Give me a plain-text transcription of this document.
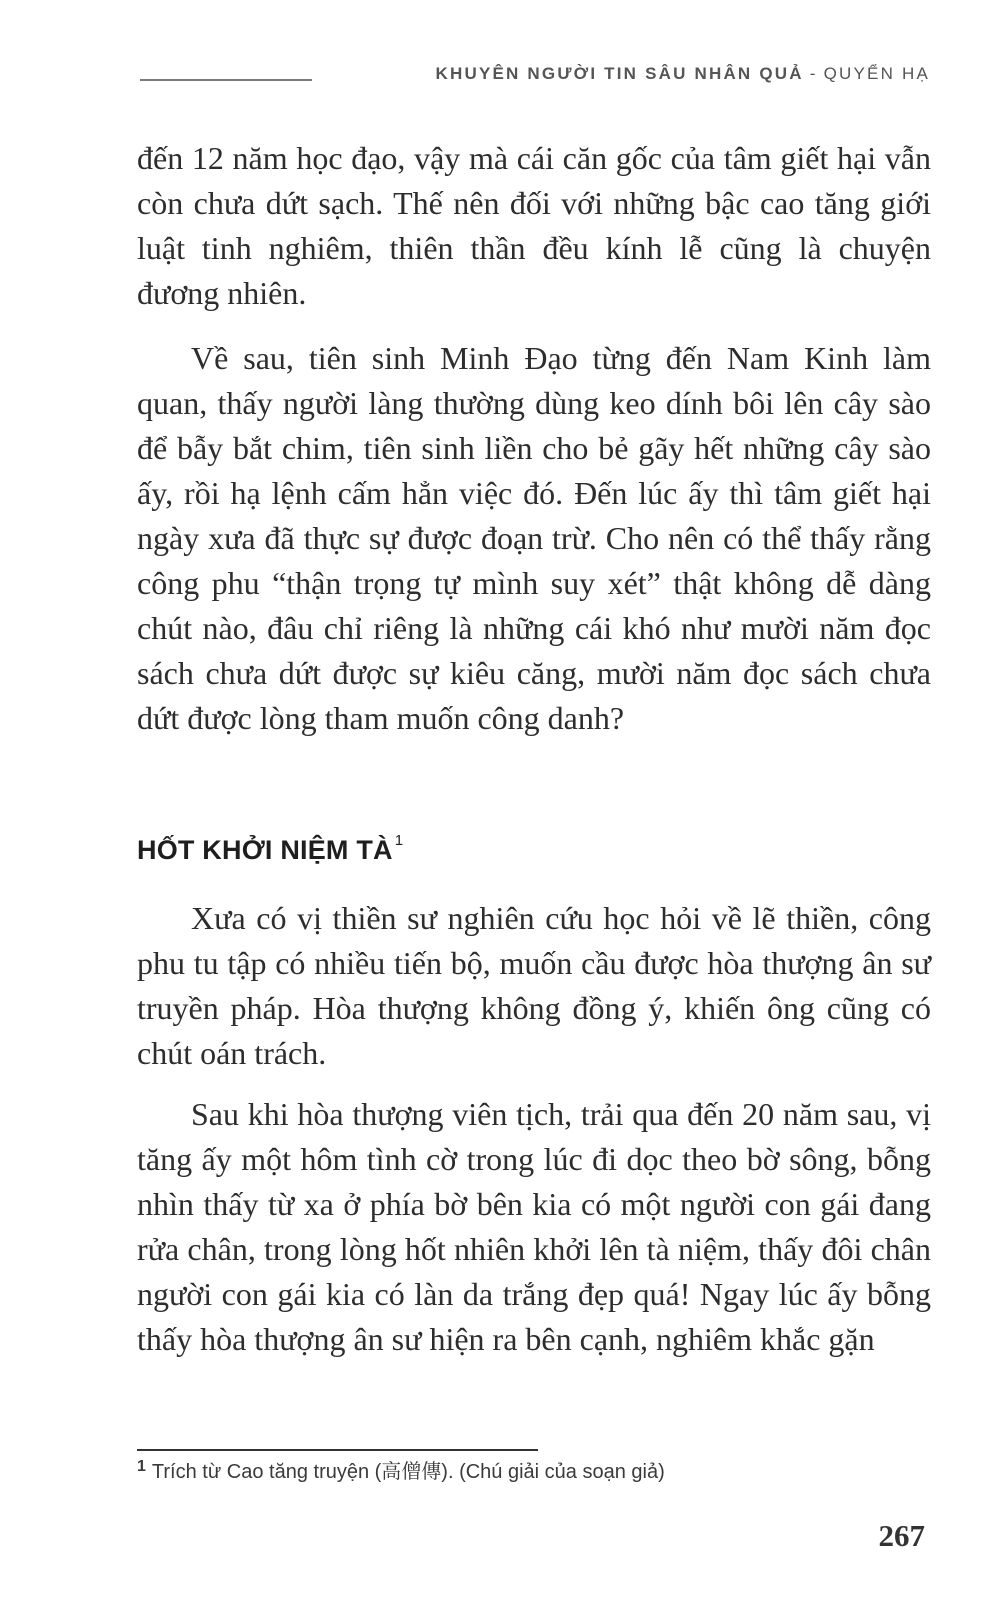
KHUYÊN NGƯỜI TIN SÂU NHÂN QUẢ - QUYỂN HẠ

đến 12 năm học đạo, vậy mà cái căn gốc của tâm giết hại vẫn còn chưa dứt sạch. Thế nên đối với những bậc cao tăng giới luật tinh nghiêm, thiên thần đều kính lễ cũng là chuyện đương nhiên.

Về sau, tiên sinh Minh Đạo từng đến Nam Kinh làm quan, thấy người làng thường dùng keo dính bôi lên cây sào để bẫy bắt chim, tiên sinh liền cho bẻ gãy hết những cây sào ấy, rồi hạ lệnh cấm hẳn việc đó. Đến lúc ấy thì tâm giết hại ngày xưa đã thực sự được đoạn trừ. Cho nên có thể thấy rằng công phu “thận trọng tự mình suy xét” thật không dễ dàng chút nào, đâu chỉ riêng là những cái khó như mười năm đọc sách chưa dứt được sự kiêu căng, mười năm đọc sách chưa dứt được lòng tham muốn công danh?

HỐT KHỞI NIỆM TÀ $^1$

Xưa có vị thiền sư nghiên cứu học hỏi về lẽ thiền, công phu tu tập có nhiều tiến bộ, muốn cầu được hòa thượng ân sư truyền pháp. Hòa thượng không đồng ý, khiến ông cũng có chút oán trách.

Sau khi hòa thượng viên tịch, trải qua đến 20 năm sau, vị tăng ấy một hôm tình cờ trong lúc đi dọc theo bờ sông, bỗng nhìn thấy từ xa ở phía bờ bên kia có một người con gái đang rửa chân, trong lòng hốt nhiên khởi lên tà niệm, thấy đôi chân người con gái kia có làn da trắng đẹp quá! Ngay lúc ấy bỗng thấy hòa thượng ân sư hiện ra bên cạnh, nghiêm khắc gặn

$^1$ Trích từ Cao tăng truyện (高僧傳). (Chú giải của soạn giả)
267
